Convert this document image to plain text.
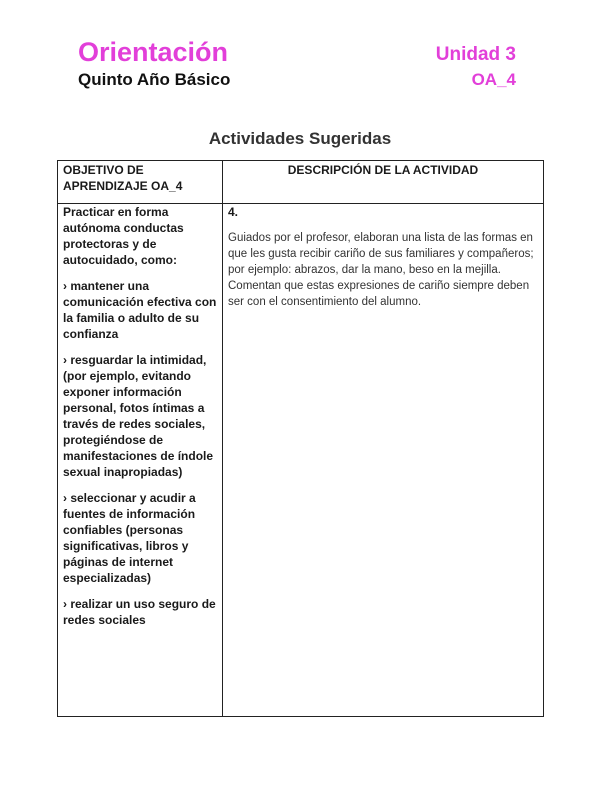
Orientación
Quinto Año Básico
Unidad 3
OA_4
Actividades Sugeridas
OBJETIVO DE APRENDIZAJE OA_4
DESCRIPCIÓN DE LA ACTIVIDAD

Practicar en forma autónoma conductas protectoras y de autocuidado, como:

› mantener una comunicación efectiva con la familia o adulto de su confianza

› resguardar la intimidad, (por ejemplo, evitando exponer información personal, fotos íntimas a través de redes sociales, protegiéndose de manifestaciones de índole sexual inapropiadas)

› seleccionar y acudir a fuentes de información confiables (personas significativas, libros y páginas de internet especializadas)

› realizar un uso seguro de redes sociales

4.

Guiados por el profesor, elaboran una lista de las formas en que les gusta recibir cariño de sus familiares y compañeros; por ejemplo: abrazos, dar la mano, beso en la mejilla. Comentan que estas expresiones de cariño siempre deben ser con el consentimiento del alumno.
